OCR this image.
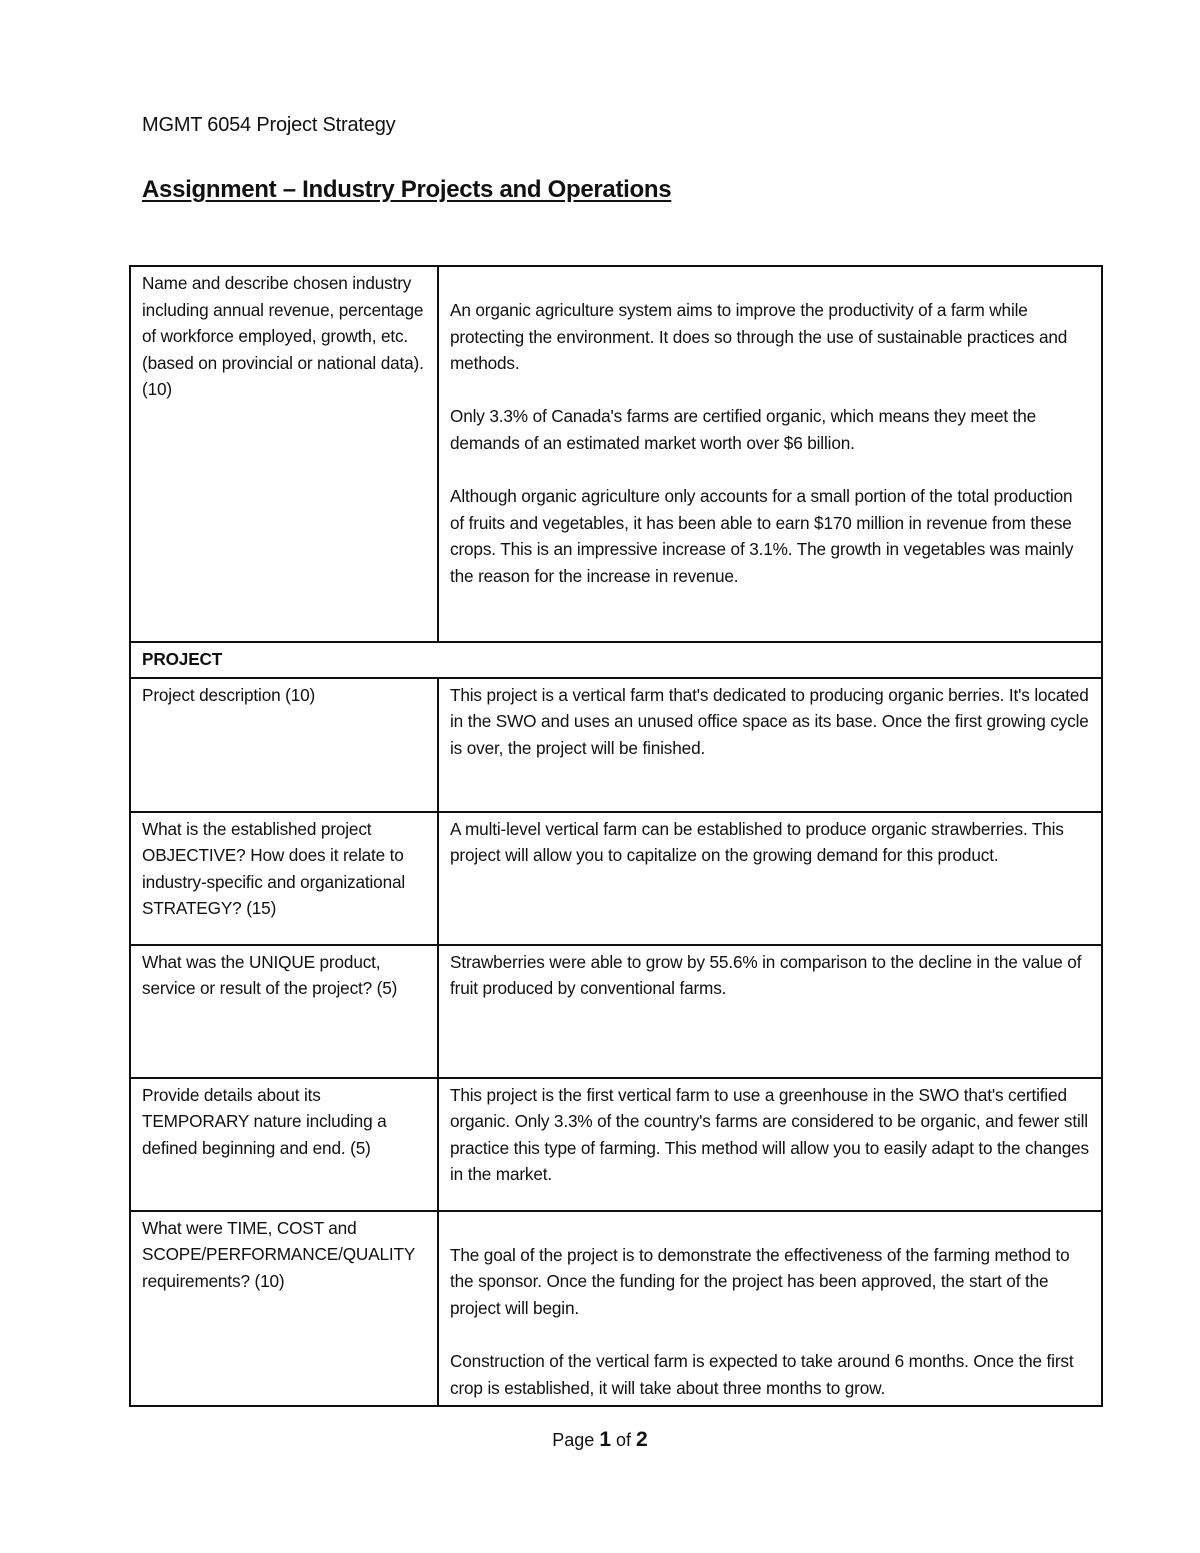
MGMT 6054 Project Strategy
Assignment – Industry Projects and Operations
Name and describe chosen industry including annual revenue, percentage of workforce employed, growth, etc. (based on provincial or national data). (10)	An organic agriculture system aims to improve the productivity of a farm while protecting the environment. It does so through the use of sustainable practices and methods.

Only 3.3% of Canada's farms are certified organic, which means they meet the demands of an estimated market worth over $6 billion.

Although organic agriculture only accounts for a small portion of the total production of fruits and vegetables, it has been able to earn $170 million in revenue from these crops. This is an impressive increase of 3.1%. The growth in vegetables was mainly the reason for the increase in revenue.

PROJECT	
Project description (10)	This project is a vertical farm that's dedicated to producing organic berries. It's located in the SWO and uses an unused office space as its base. Once the first growing cycle is over, the project will be finished.

What is the established project OBJECTIVE? How does it relate to industry-specific and organizational STRATEGY? (15)	A multi-level vertical farm can be established to produce organic strawberries. This project will allow you to capitalize on the growing demand for this product.

What was the UNIQUE product, service or result of the project? (5)	Strawberries were able to grow by 55.6% in comparison to the decline in the value of fruit produced by conventional farms.

Provide details about its TEMPORARY nature including a defined beginning and end. (5)	This project is the first vertical farm to use a greenhouse in the SWO that's certified organic. Only 3.3% of the country's farms are considered to be organic, and fewer still practice this type of farming. This method will allow you to easily adapt to the changes in the market.

What were TIME, COST and SCOPE/PERFORMANCE/QUALITY requirements? (10)	The goal of the project is to demonstrate the effectiveness of the farming method to the sponsor. Once the funding for the project has been approved, the start of the project will begin.

Construction of the vertical farm is expected to take around 6 months. Once the first crop is established, it will take about three months to grow.

Page 1 of 2
